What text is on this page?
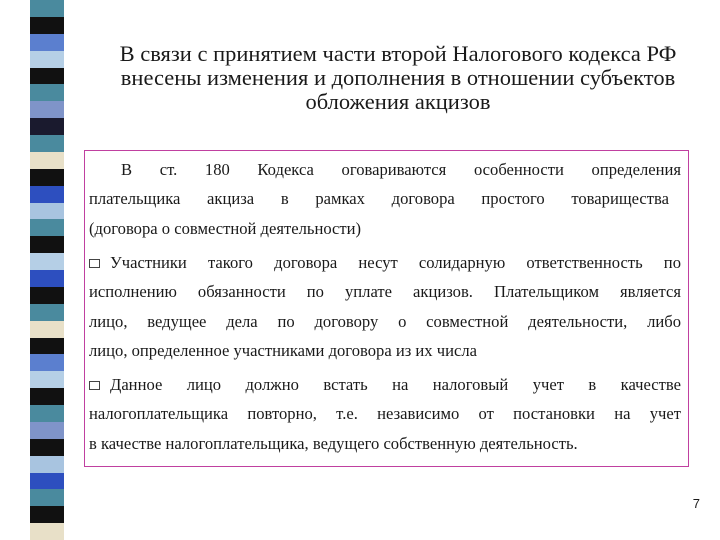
В связи с принятием части второй Налогового кодекса РФ
внесены изменения и дополнения в отношении субъектов
обложения акцизов
В ст. 180 Кодекса оговариваются особенности определения
плательщика акциза в рамках договора простого товарищества
(договора о совместной деятельности)
Участники такого договора несут солидарную ответственность по
исполнению обязанности по уплате акцизов. Плательщиком является
лицо, ведущее дела по договору о совместной деятельности, либо
лицо, определенное участниками договора из их числа
Данное лицо должно встать на налоговый учет в качестве
налогоплательщика повторно, т.е. независимо от постановки на учет
в качестве налогоплательщика, ведущего собственную деятельность.
7
